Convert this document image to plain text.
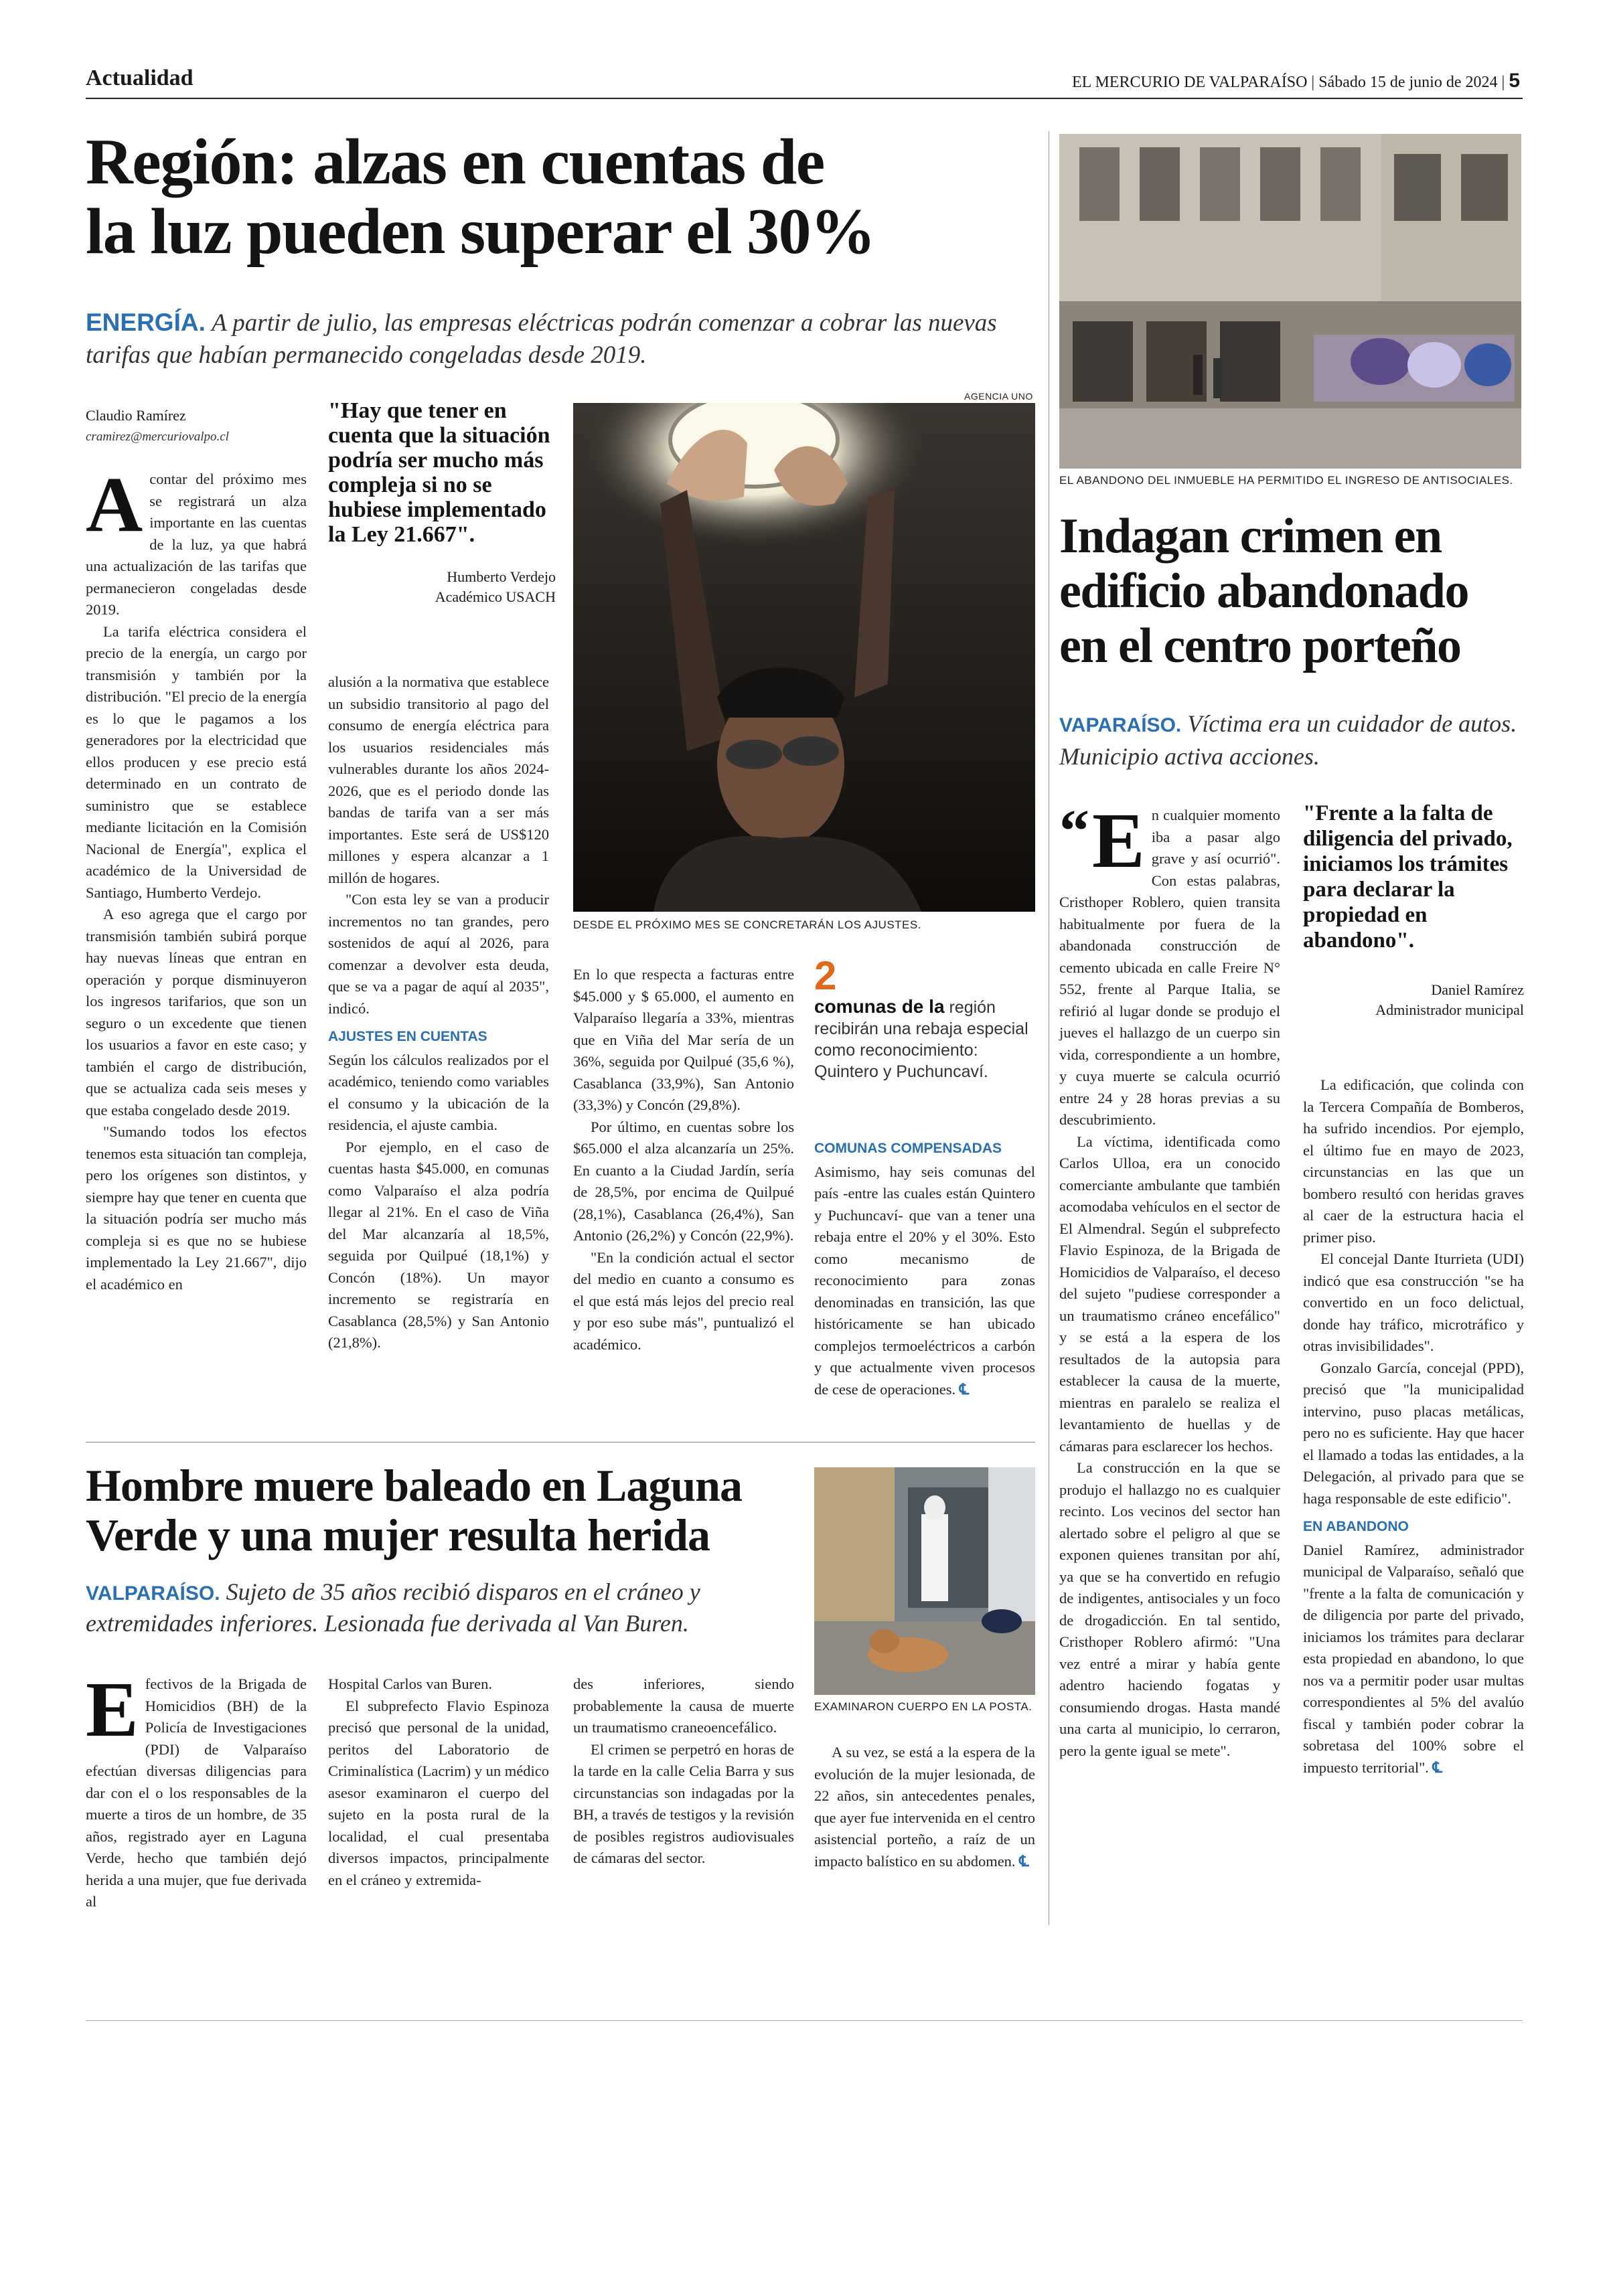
Actualidad	EL MERCURIO DE VALPARAÍSO | Sábado 15 de junio de 2024 | 5
Región: alzas en cuentas de
la luz pueden superar el 30%
ENERGÍA. A partir de julio, las empresas eléctricas podrán comenzar a cobrar las nuevas tarifas que habían permanecido congeladas desde 2019.
Claudio Ramírez
cramirez@mercuriovalpo.cl
A contar del próximo mes se registrará un alza importante en las cuentas de la luz, ya que habrá una actualización de las tarifas que permanecieron congeladas desde 2019.

La tarifa eléctrica considera el precio de la energía, un cargo por transmisión y también por la distribución. "El precio de la energía es lo que le pagamos a los generadores por la electricidad que ellos producen y ese precio está determinado en un contrato de suministro que se establece mediante licitación en la Comisión Nacional de Energía", explica el académico de la Universidad de Santiago, Humberto Verdejo.

A eso agrega que el cargo por transmisión también subirá porque hay nuevas líneas que entran en operación y porque disminuyeron los ingresos tarifarios, que son un seguro o un excedente que tienen los usuarios a favor en este caso; y también el cargo de distribución, que se actualiza cada seis meses y que estaba congelado desde 2019.

"Sumando todos los efectos tenemos esta situación tan compleja, pero los orígenes son distintos, y siempre hay que tener en cuenta que la situación podría ser mucho más compleja si es que no se hubiese implementado la Ley 21.667", dijo el académico en

"Hay que tener en cuenta que la situación podría ser mucho más compleja si no se hubiese implementado la Ley 21.667".
Humberto Verdejo
Académico USACH

alusión a la normativa que establece un subsidio transitorio al pago del consumo de energía eléctrica para los usuarios residenciales más vulnerables durante los años 2024-2026, que es el periodo donde las bandas de tarifa van a ser más importantes. Este será de US$120 millones y espera alcanzar a 1 millón de hogares.

"Con esta ley se van a producir incrementos no tan grandes, pero sostenidos de aquí al 2026, para comenzar a devolver esta deuda, que se va a pagar de aquí al 2035", indicó.

AJUSTES EN CUENTAS

Según los cálculos realizados por el académico, teniendo como variables el consumo y la ubicación de la residencia, el ajuste cambia.

Por ejemplo, en el caso de cuentas hasta $45.000, en comunas como Valparaíso el alza podría llegar al 21%. En el caso de Viña del Mar alcanzaría al 18,5%, seguida por Quilpué (18,1%) y Concón (18%). Un mayor incremento se registraría en Casablanca (28,5%) y San Antonio (21,8%).

AGENCIA UNO
DESDE EL PRÓXIMO MES SE CONCRETARÁN LOS AJUSTES.

En lo que respecta a facturas entre $45.000 y $ 65.000, el aumento en Valparaíso llegaría a 33%, mientras que en Viña del Mar sería de un 36%, seguida por Quilpué (35,6 %), Casablanca (33,9%), San Antonio (33,3%) y Concón (29,8%).

Por último, en cuentas sobre los $65.000 el alza alcanzaría un 25%. En cuanto a la Ciudad Jardín, sería de 28,5%, por encima de Quilpué (28,1%), Casablanca (26,4%), San Antonio (26,2%) y Concón (22,9%).

"En la condición actual el sector del medio en cuanto a consumo es el que está más lejos del precio real y por eso sube más", puntualizó el académico.

2
comunas de la región recibirán una rebaja especial como reconocimiento: Quintero y Puchuncaví.
COMUNAS COMPENSADAS

Asimismo, hay seis comunas del país -entre las cuales están Quintero y Puchuncaví- que van a tener una rebaja entre el 20% y el 30%. Esto como mecanismo de reconocimiento para zonas denominadas en transición, las que históricamente se han ubicado complejos termoeléctricos a carbón y que actualmente viven procesos de cese de operaciones. ℄

EL ABANDONO DEL INMUEBLE HA PERMITIDO EL INGRESO DE ANTISOCIALES.
Indagan crimen en
edificio abandonado
en el centro porteño
VAPARAÍSO. Víctima era un cuidador de autos. Municipio activa acciones.
“ E n cualquier momento iba a pasar algo grave y así ocurrió". Con estas palabras, Cristhoper Roblero, quien transita habitualmente por fuera de la abandonada construcción de cemento ubicada en calle Freire N° 552, frente al Parque Italia, se refirió al lugar donde se produjo el jueves el hallazgo de un cuerpo sin vida, correspondiente a un hombre, y cuya muerte se calcula ocurrió entre 24 y 28 horas previas a su descubrimiento.

La víctima, identificada como Carlos Ulloa, era un conocido comerciante ambulante que también acomodaba vehículos en el sector de El Almendral. Según el subprefecto Flavio Espinoza, de la Brigada de Homicidios de Valparaíso, el deceso del sujeto "pudiese corresponder a un traumatismo cráneo encefálico" y se está a la espera de los resultados de la autopsia para establecer la causa de la muerte, mientras en paralelo se realiza el levantamiento de huellas y de cámaras para esclarecer los hechos.

La construcción en la que se produjo el hallazgo no es cualquier recinto. Los vecinos del sector han alertado sobre el peligro al que se exponen quienes transitan por ahí, ya que se ha convertido en refugio de indigentes, antisociales y un foco de drogadicción. En tal sentido, Cristhoper Roblero afirmó: "Una vez entré a mirar y había gente adentro haciendo fogatas y consumiendo drogas. Hasta mandé una carta al municipio, lo cerraron, pero la gente igual se mete".

"Frente a la falta de diligencia del privado, iniciamos los trámites para declarar la propiedad en abandono".
Daniel Ramírez
Administrador municipal

La edificación, que colinda con la Tercera Compañía de Bomberos, ha sufrido incendios. Por ejemplo, el último fue en mayo de 2023, circunstancias en las que un bombero resultó con heridas graves al caer de la estructura hacia el primer piso.

El concejal Dante Iturrieta (UDI) indicó que esa construcción "se ha convertido en un foco delictual, donde hay tráfico, microtráfico y otras invisibilidades".

Gonzalo García, concejal (PPD), precisó que "la municipalidad intervino, puso placas metálicas, pero no es suficiente. Hay que hacer el llamado a todas las entidades, a la Delegación, al privado para que se haga responsable de este edificio".

EN ABANDONO

Daniel Ramírez, administrador municipal de Valparaíso, señaló que "frente a la falta de comunicación y de diligencia por parte del privado, iniciamos los trámites para declarar esta propiedad en abandono, lo que nos va a permitir poder usar multas correspondientes al 5% del avalúo fiscal y también poder cobrar la sobretasa del 100% sobre el impuesto territorial". ℄

Hombre muere baleado en Laguna
Verde y una mujer resulta herida
VALPARAÍSO. Sujeto de 35 años recibió disparos en el cráneo y extremidades inferiores. Lesionada fue derivada al Van Buren.
E fectivos de la Brigada de Homicidios (BH) de la Policía de Investigaciones (PDI) de Valparaíso efectúan diversas diligencias para dar con el o los responsables de la muerte a tiros de un hombre, de 35 años, registrado ayer en Laguna Verde, hecho que también dejó herida a una mujer, que fue derivada al

Hospital Carlos van Buren.

El subprefecto Flavio Espinoza precisó que personal de la unidad, peritos del Laboratorio de Criminalística (Lacrim) y un médico asesor examinaron el cuerpo del sujeto en la posta rural de la localidad, el cual presentaba diversos impactos, principalmente en el cráneo y extremida-

des inferiores, siendo probablemente la causa de muerte un traumatismo craneoencefálico.

El crimen se perpetró en horas de la tarde en la calle Celia Barra y sus circunstancias son indagadas por la BH, a través de testigos y la revisión de posibles registros audiovisuales de cámaras del sector.

EXAMINARON CUERPO EN LA POSTA.

A su vez, se está a la espera de la evolución de la mujer lesionada, de 22 años, sin antecedentes penales, que ayer fue intervenida en el centro asistencial porteño, a raíz de un impacto balístico en su abdomen. ℄
